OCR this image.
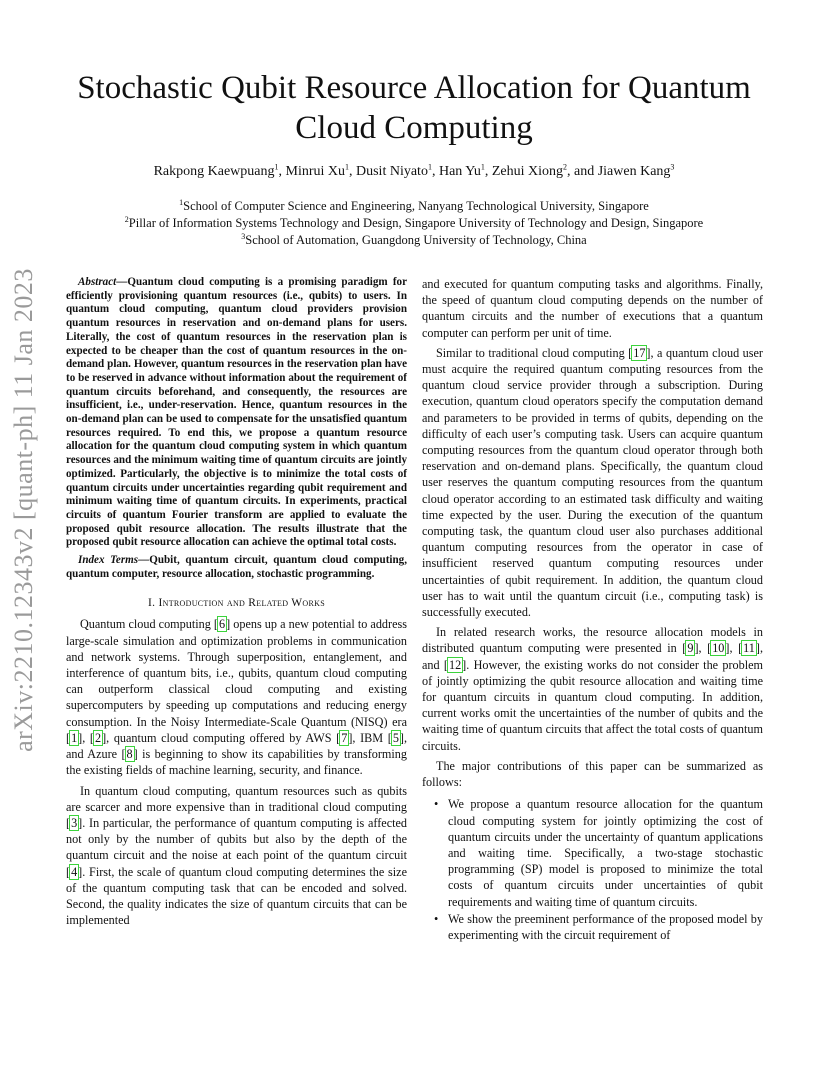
arXiv:2210.12343v2 [quant-ph] 11 Jan 2023
Stochastic Qubit Resource Allocation for Quantum Cloud Computing
Rakpong Kaewpuang$^1$, Minrui Xu$^1$, Dusit Niyato$^1$, Han Yu$^1$, Zehui Xiong$^2$, and Jiawen Kang$^3$
$^1$School of Computer Science and Engineering, Nanyang Technological University, Singapore
$^2$Pillar of Information Systems Technology and Design, Singapore University of Technology and Design, Singapore
$^3$School of Automation, Guangdong University of Technology, China

Abstract—Quantum cloud computing is a promising paradigm for efficiently provisioning quantum resources (i.e., qubits) to users. In quantum cloud computing, quantum cloud providers provision quantum resources in reservation and on-demand plans for users. Literally, the cost of quantum resources in the reservation plan is expected to be cheaper than the cost of quantum resources in the on-demand plan. However, quantum resources in the reservation plan have to be reserved in advance without information about the requirement of quantum circuits beforehand, and consequently, the resources are insufficient, i.e., under-reservation. Hence, quantum resources in the on-demand plan can be used to compensate for the unsatisfied quantum resources required. To end this, we propose a quantum resource allocation for the quantum cloud computing system in which quantum resources and the minimum waiting time of quantum circuits are jointly optimized. Particularly, the objective is to minimize the total costs of quantum circuits under uncertainties regarding qubit requirement and minimum waiting time of quantum circuits. In experiments, practical circuits of quantum Fourier transform are applied to evaluate the proposed qubit resource allocation. The results illustrate that the proposed qubit resource allocation can achieve the optimal total costs.

Index Terms—Qubit, quantum circuit, quantum cloud computing, quantum computer, resource allocation, stochastic programming.

I. Introduction and Related Works

Quantum cloud computing [6] opens up a new potential to address large-scale simulation and optimization problems in communication and network systems. Through superposition, entanglement, and interference of quantum bits, i.e., qubits, quantum cloud computing can outperform classical cloud computing and existing supercomputers by speeding up computations and reducing energy consumption. In the Noisy Intermediate-Scale Quantum (NISQ) era [1], [2], quantum cloud computing offered by AWS [7], IBM [5], and Azure [8] is beginning to show its capabilities by transforming the existing fields of machine learning, security, and finance.

In quantum cloud computing, quantum resources such as qubits are scarcer and more expensive than in traditional cloud computing [3]. In particular, the performance of quantum computing is affected not only by the number of qubits but also by the depth of the quantum circuit and the noise at each point of the quantum circuit [4]. First, the scale of quantum cloud computing determines the size of the quantum computing task that can be encoded and solved. Second, the quality indicates the size of quantum circuits that can be implemented

and executed for quantum computing tasks and algorithms. Finally, the speed of quantum cloud computing depends on the number of quantum circuits and the number of executions that a quantum computer can perform per unit of time.

Similar to traditional cloud computing [17], a quantum cloud user must acquire the required quantum computing resources from the quantum cloud service provider through a subscription. During execution, quantum cloud operators specify the computation demand and parameters to be provided in terms of qubits, depending on the difficulty of each user’s computing task. Users can acquire quantum computing resources from the quantum cloud operator through both reservation and on-demand plans. Specifically, the quantum cloud user reserves the quantum computing resources from the quantum cloud operator according to an estimated task difficulty and waiting time expected by the user. During the execution of the quantum computing task, the quantum cloud user also purchases additional quantum computing resources from the operator in case of insufficient reserved quantum computing resources under uncertainties of qubit requirement. In addition, the quantum cloud user has to wait until the quantum circuit (i.e., computing task) is successfully executed.

In related research works, the resource allocation models in distributed quantum computing were presented in [9], [10], [11], and [12]. However, the existing works do not consider the problem of jointly optimizing the qubit resource allocation and waiting time for quantum circuits in quantum cloud computing. In addition, current works omit the uncertainties of the number of qubits and the waiting time of quantum circuits that affect the total costs of quantum circuits.

The major contributions of this paper can be summarized as follows:

• We propose a quantum resource allocation for the quantum cloud computing system for jointly optimizing the cost of quantum circuits under the uncertainty of quantum applications and waiting time. Specifically, a two-stage stochastic programming (SP) model is proposed to minimize the total costs of quantum circuits under uncertainties of qubit requirements and waiting time of quantum circuits.
• We show the preeminent performance of the proposed model by experimenting with the circuit requirement of
